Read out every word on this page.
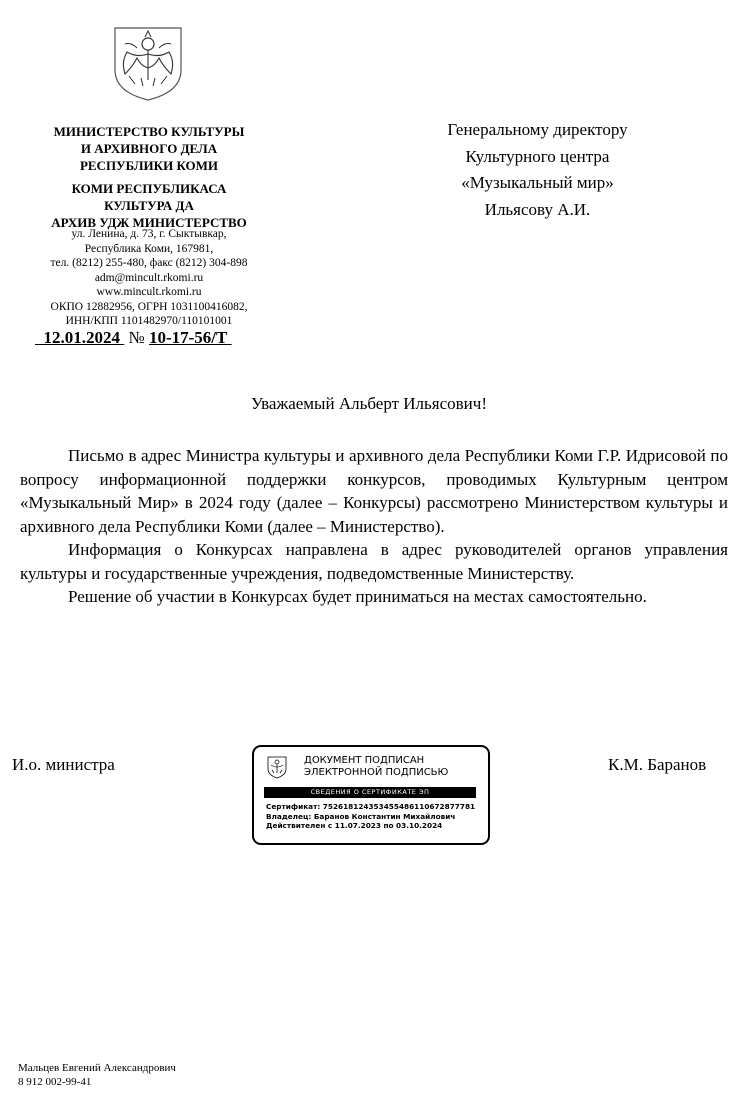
МИНИСТЕРСТВО КУЛЬТУРЫ
И АРХИВНОГО ДЕЛА
РЕСПУБЛИКИ КОМИ
КОМИ РЕСПУБЛИКАСА
КУЛЬТУРА ДА
АРХИВ УДЖ МИНИСТЕРСТВО
ул. Ленина, д. 73, г. Сыктывкар,
Республика Коми, 167981,
тел. (8212) 255-480, факс (8212) 304-898
adm@mincult.rkomi.ru
www.mincult.rkomi.ru
ОКПО 12882956, ОГРН 1031100416082,
ИНН/КПП 1101482970/110101001
12.01.2024 № 10-17-56/Т
Генеральному директору
Культурного центра
«Музыкальный мир»
Ильясову А.И.
Уважаемый Альберт Ильясович!

Письмо в адрес Министра культуры и архивного дела Республики Коми Г.Р. Идрисовой по вопросу информационной поддержки конкурсов, проводимых Культурным центром «Музыкальный Мир» в 2024 году (далее – Конкурсы) рассмотрено Министерством культуры и архивного дела Республики Коми (далее – Министерство).

Информация о Конкурсах направлена в адрес руководителей органов управления культуры и государственные учреждения, подведомственные Министерству.

Решение об участии в Конкурсах будет приниматься на местах самостоятельно.

И.о. министра	К.М. Баранов
ДОКУМЕНТ ПОДПИСАН
ЭЛЕКТРОННОЙ ПОДПИСЬЮ
СВЕДЕНИЯ О СЕРТИФИКАТЕ ЭП
Сертификат: 752618124353455486110672877781
Владелец: Баранов Константин Михайлович
Действителен с 11.07.2023 по 03.10.2024
Мальцев Евгений Александрович
8 912 002-99-41
